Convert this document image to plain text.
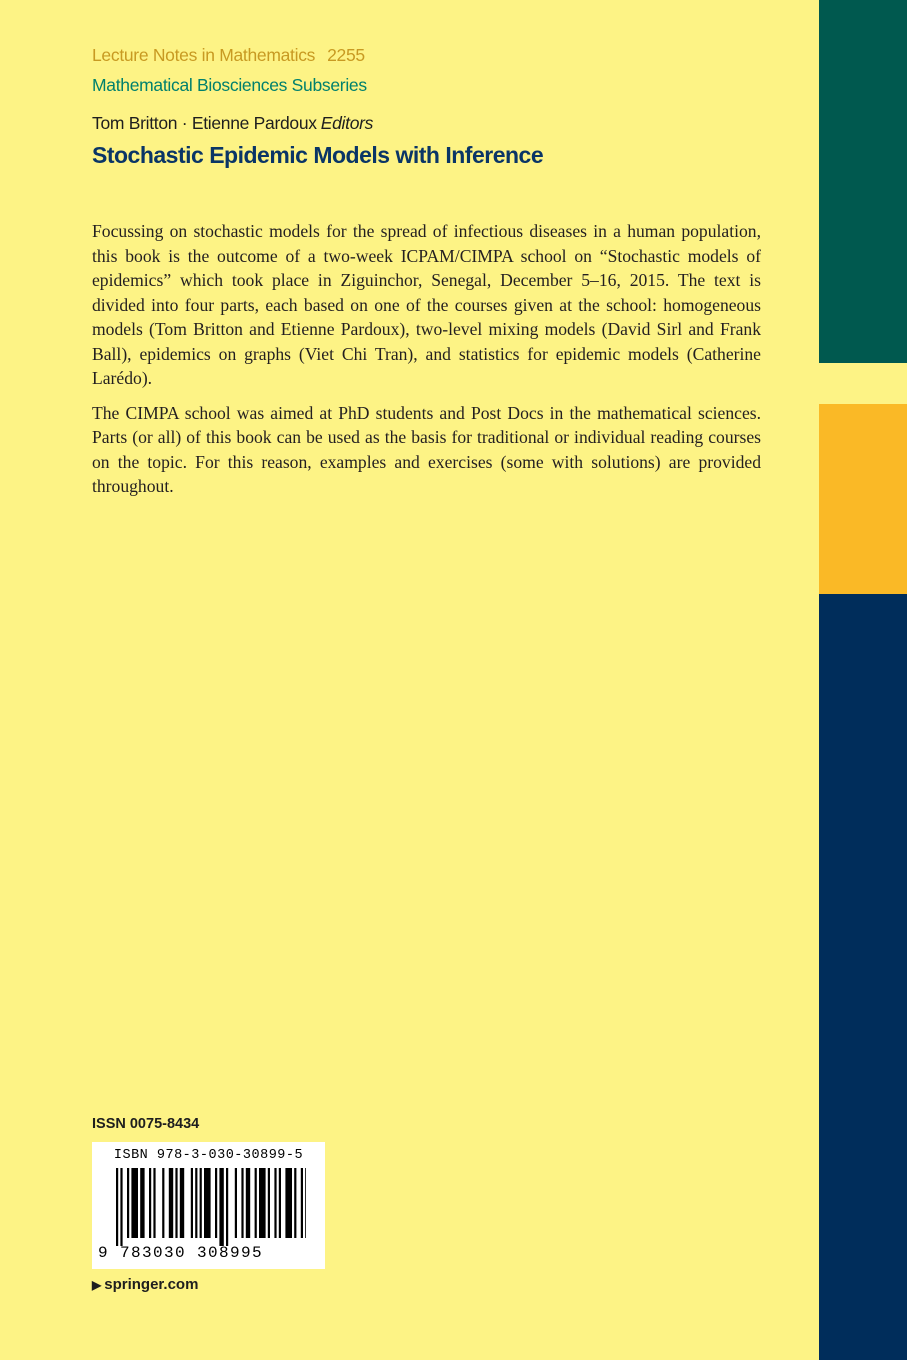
Lecture Notes in Mathematics 2255
Mathematical Biosciences Subseries
Tom Britton · Etienne Pardoux Editors
Stochastic Epidemic Models with Inference

Focussing on stochastic models for the spread of infectious diseases in a human population, this book is the outcome of a two-week ICPAM/CIMPA school on “Stochastic models of epidemics” which took place in Ziguinchor, Senegal, December 5–16, 2015. The text is divided into four parts, each based on one of the courses given at the school: homogeneous models (Tom Britton and Etienne Pardoux), two-level mixing models (David Sirl and Frank Ball), epidemics on graphs (Viet Chi Tran), and statistics for epidemic models (Catherine Larédo).

The CIMPA school was aimed at PhD students and Post Docs in the mathematical sciences. Parts (or all) of this book can be used as the basis for traditional or individual reading courses on the topic. For this reason, examples and exercises (some with solutions) are provided throughout.

ISSN 0075-8434
ISBN 978-3-030-30899-5
9 783030 308995
▶ springer.com
